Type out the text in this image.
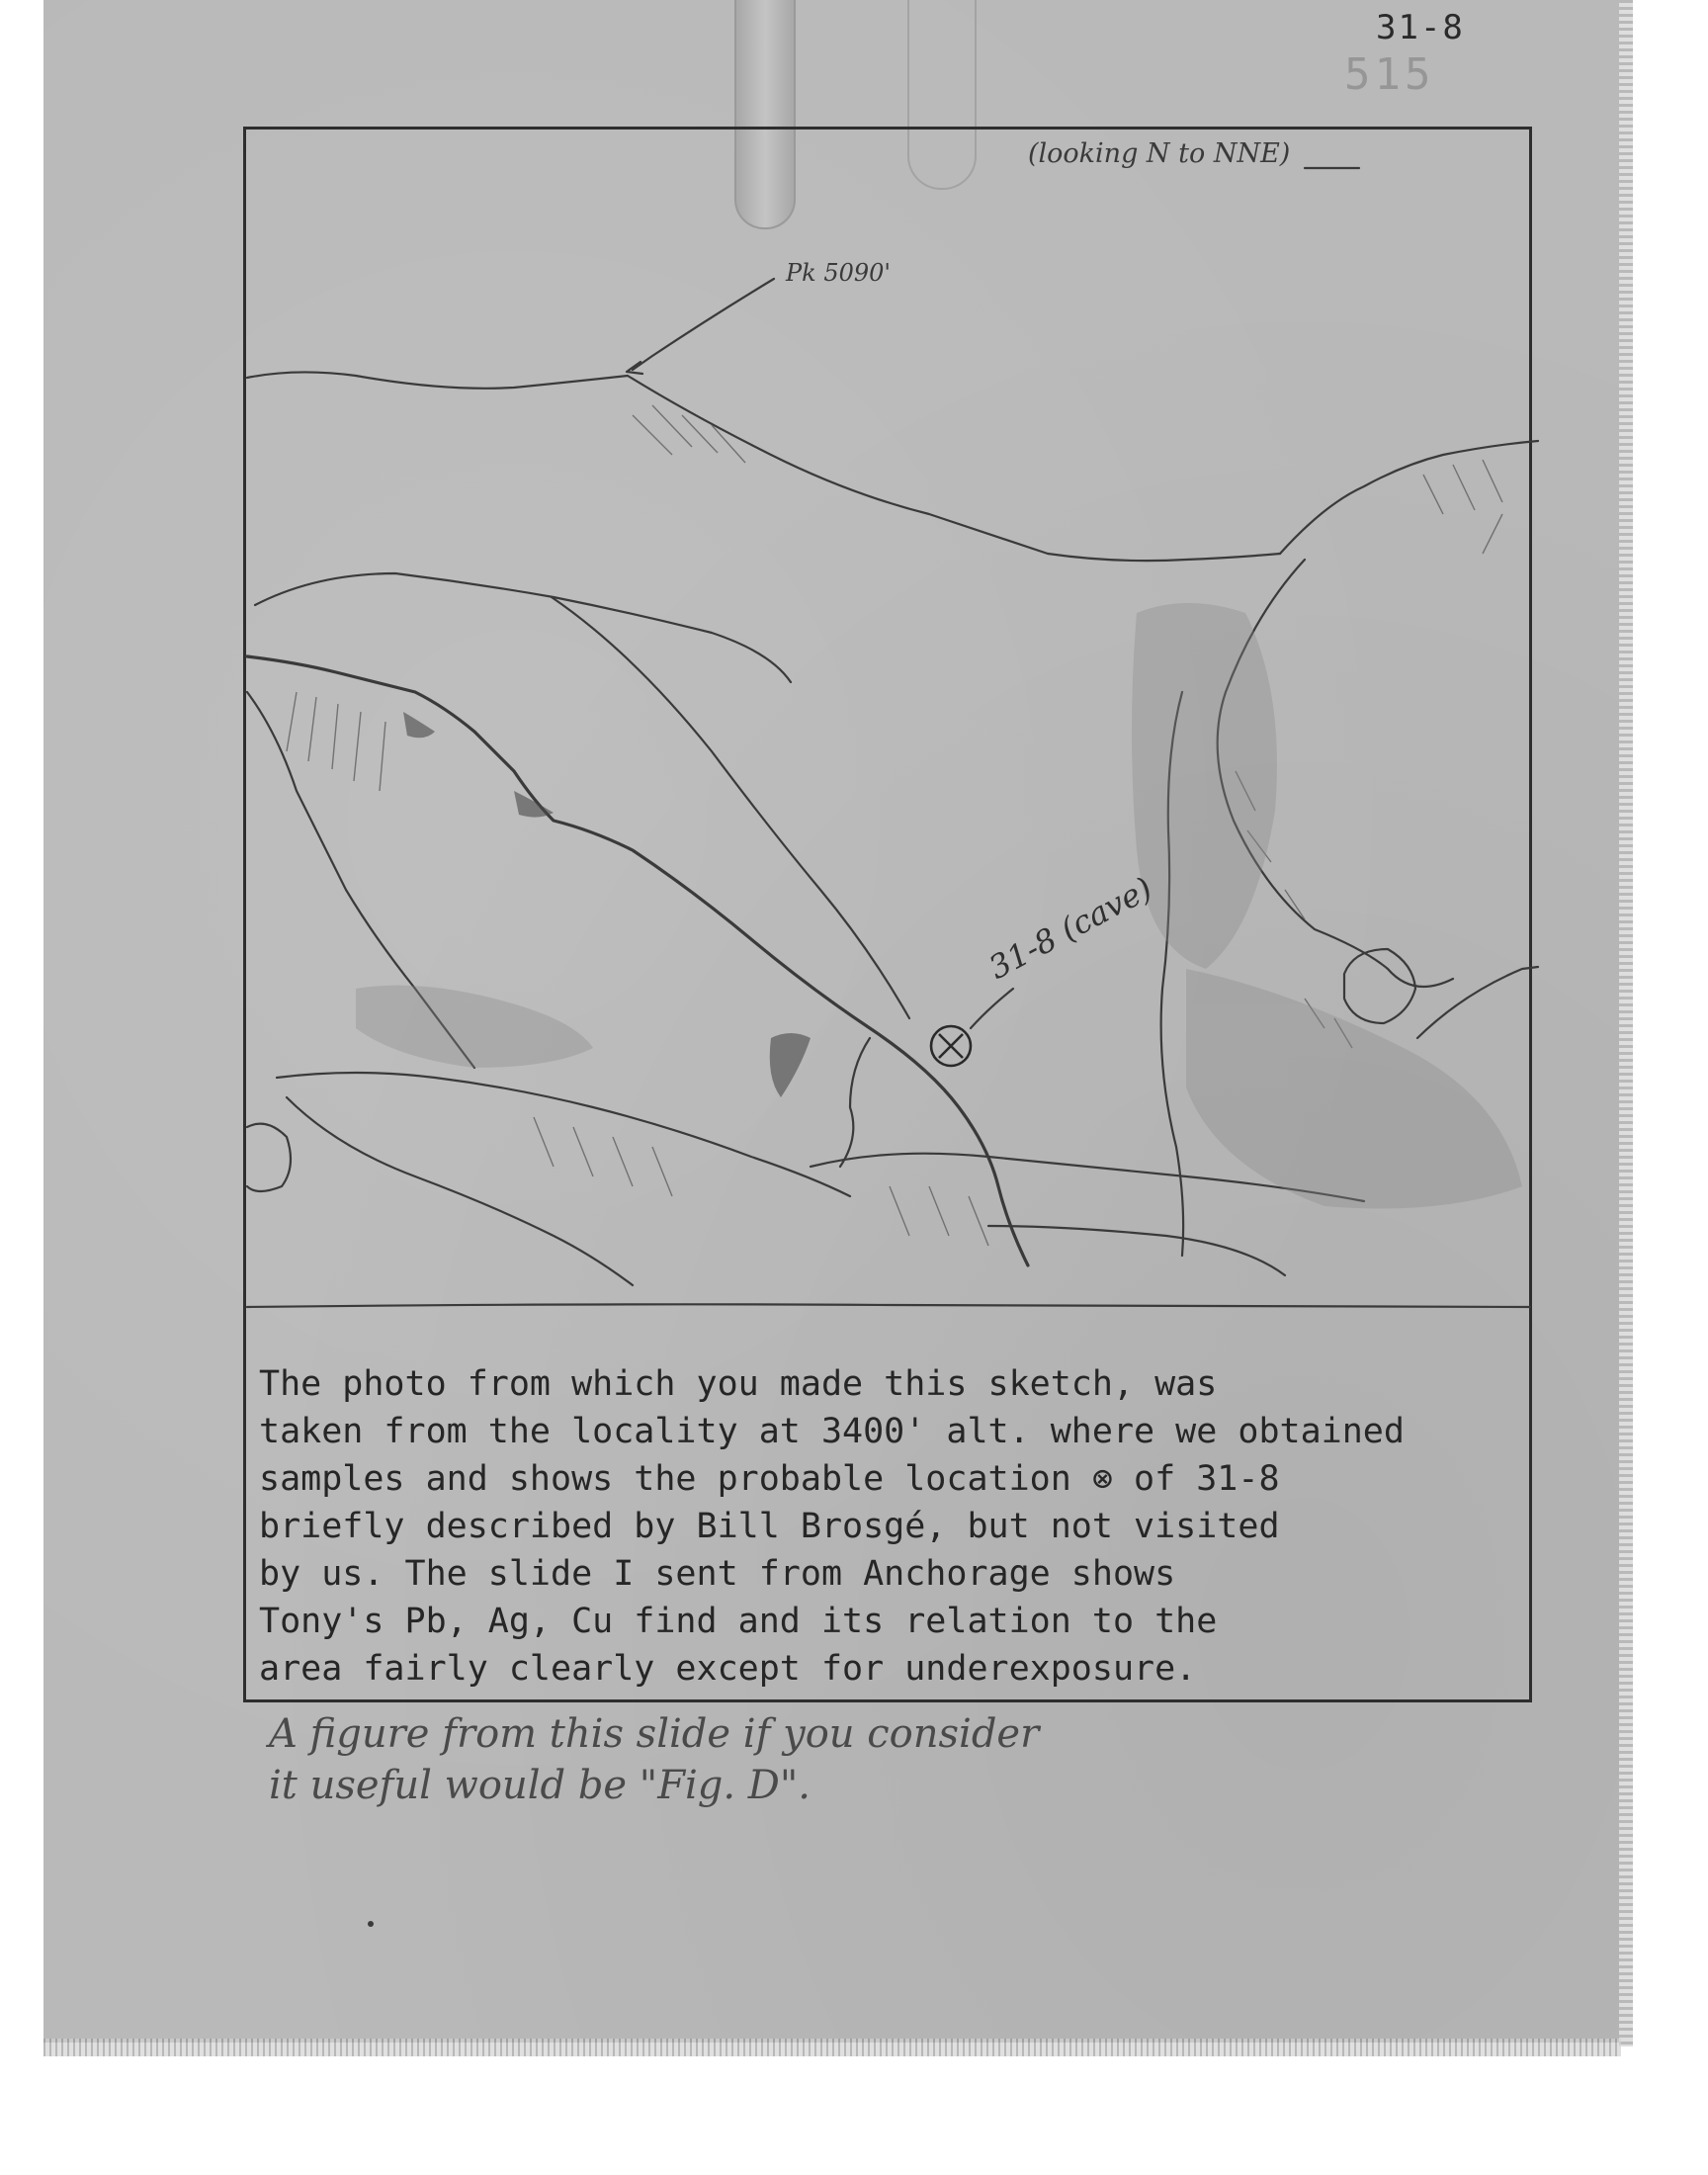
31-8
515
(looking N to NNE)
Pk 5090'
31-8 (cave)
The photo from which you made this sketch, was
taken from the locality at 3400' alt. where we obtained
samples and shows the probable location ⊗ of 31-8
briefly described by Bill Brosgé, but not visited
by us. The slide I sent from Anchorage shows
Tony's Pb, Ag, Cu find and its relation to the
area fairly clearly except for underexposure.
A figure from this slide if you consider
it useful would be "Fig. D".
